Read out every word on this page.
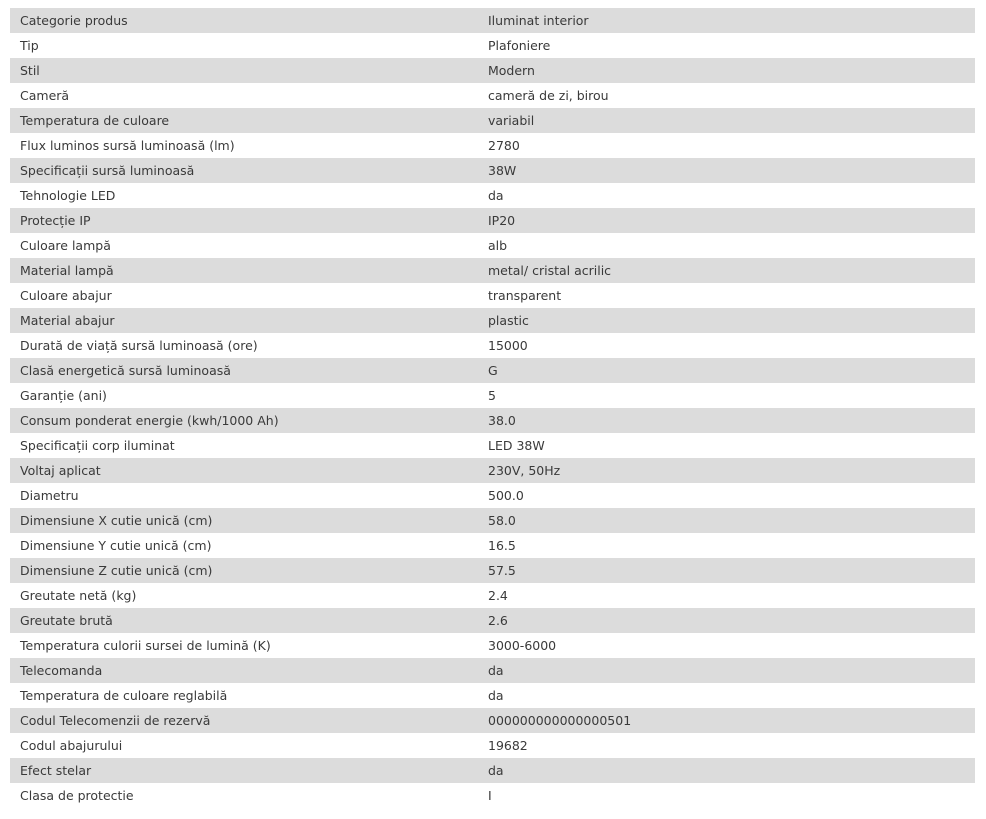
Categorie produs	Iluminat interior
Tip	Plafoniere
Stil	Modern
Cameră	cameră de zi, birou
Temperatura de culoare	variabil
Flux luminos sursă luminoasă (lm)	2780
Specificații sursă luminoasă	38W
Tehnologie LED	da
Protecție IP	IP20
Culoare lampă	alb
Material lampă	metal/ cristal acrilic
Culoare abajur	transparent
Material abajur	plastic
Durată de viață sursă luminoasă (ore)	15000
Clasă energetică sursă luminoasă	G
Garanție (ani)	5
Consum ponderat energie (kwh/1000 Ah)	38.0
Specificații corp iluminat	LED 38W
Voltaj aplicat	230V, 50Hz
Diametru	500.0
Dimensiune X cutie unică (cm)	58.0
Dimensiune Y cutie unică (cm)	16.5
Dimensiune Z cutie unică (cm)	57.5
Greutate netă (kg)	2.4
Greutate brută	2.6
Temperatura culorii sursei de lumină (K)	3000-6000
Telecomanda	da
Temperatura de culoare reglabilă	da
Codul Telecomenzii de rezervă	000000000000000501
Codul abajurului	19682
Efect stelar	da
Clasa de protectie	I
